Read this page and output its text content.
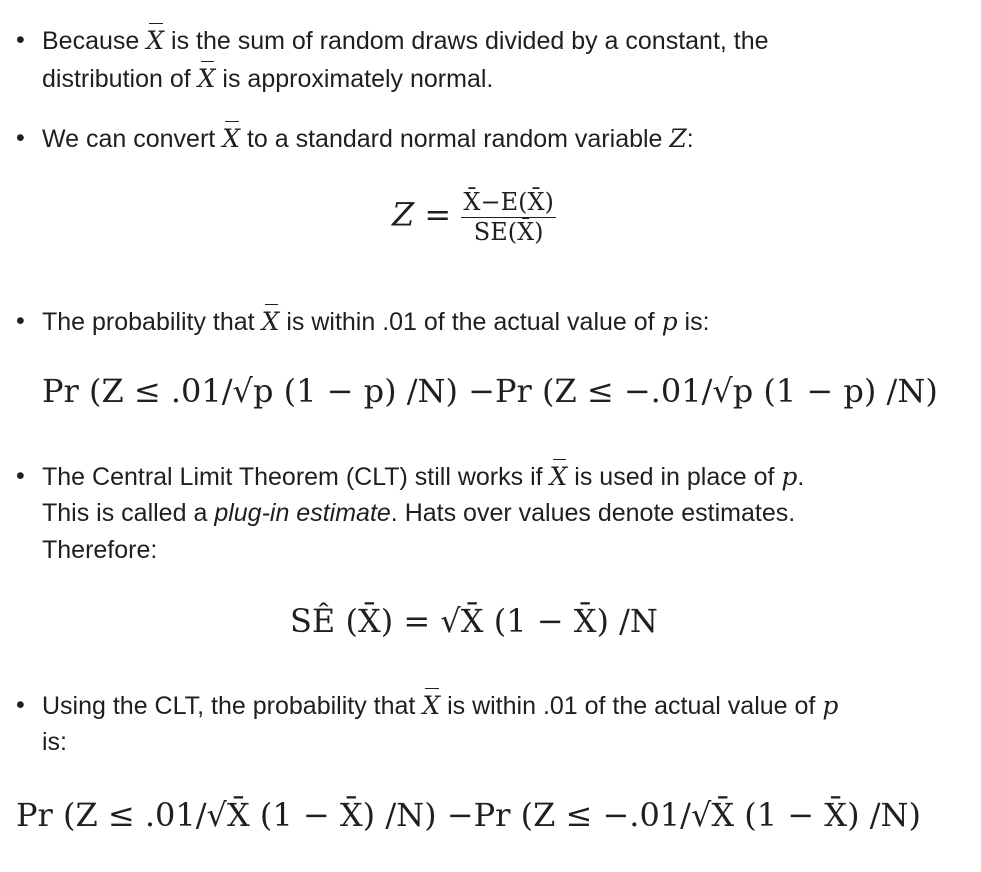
• Because X is the sum of random draws divided by a constant, the
distribution of X is approximately normal.
• We can convert X to a standard normal random variable Z:
$Z = \frac{X̄-E(X̄)}{SE(X̄)}$
• The probability that X is within .01 of the actual value of p is:
Pr (Z ≤ .01/√p (1 − p) /N) −Pr (Z ≤ −.01/√p (1 − p) /N)
• The Central Limit Theorem (CLT) still works if X is used in place of p.
This is called a plug-in estimate. Hats over values denote estimates.
Therefore:
SÊ (X̄) = √X̄ (1 − X̄) /N
• Using the CLT, the probability that X is within .01 of the actual value of p
is:
Pr (Z ≤ .01/√X̄ (1 − X̄) /N) −Pr (Z ≤ −.01/√X̄ (1 − X̄) /N)
